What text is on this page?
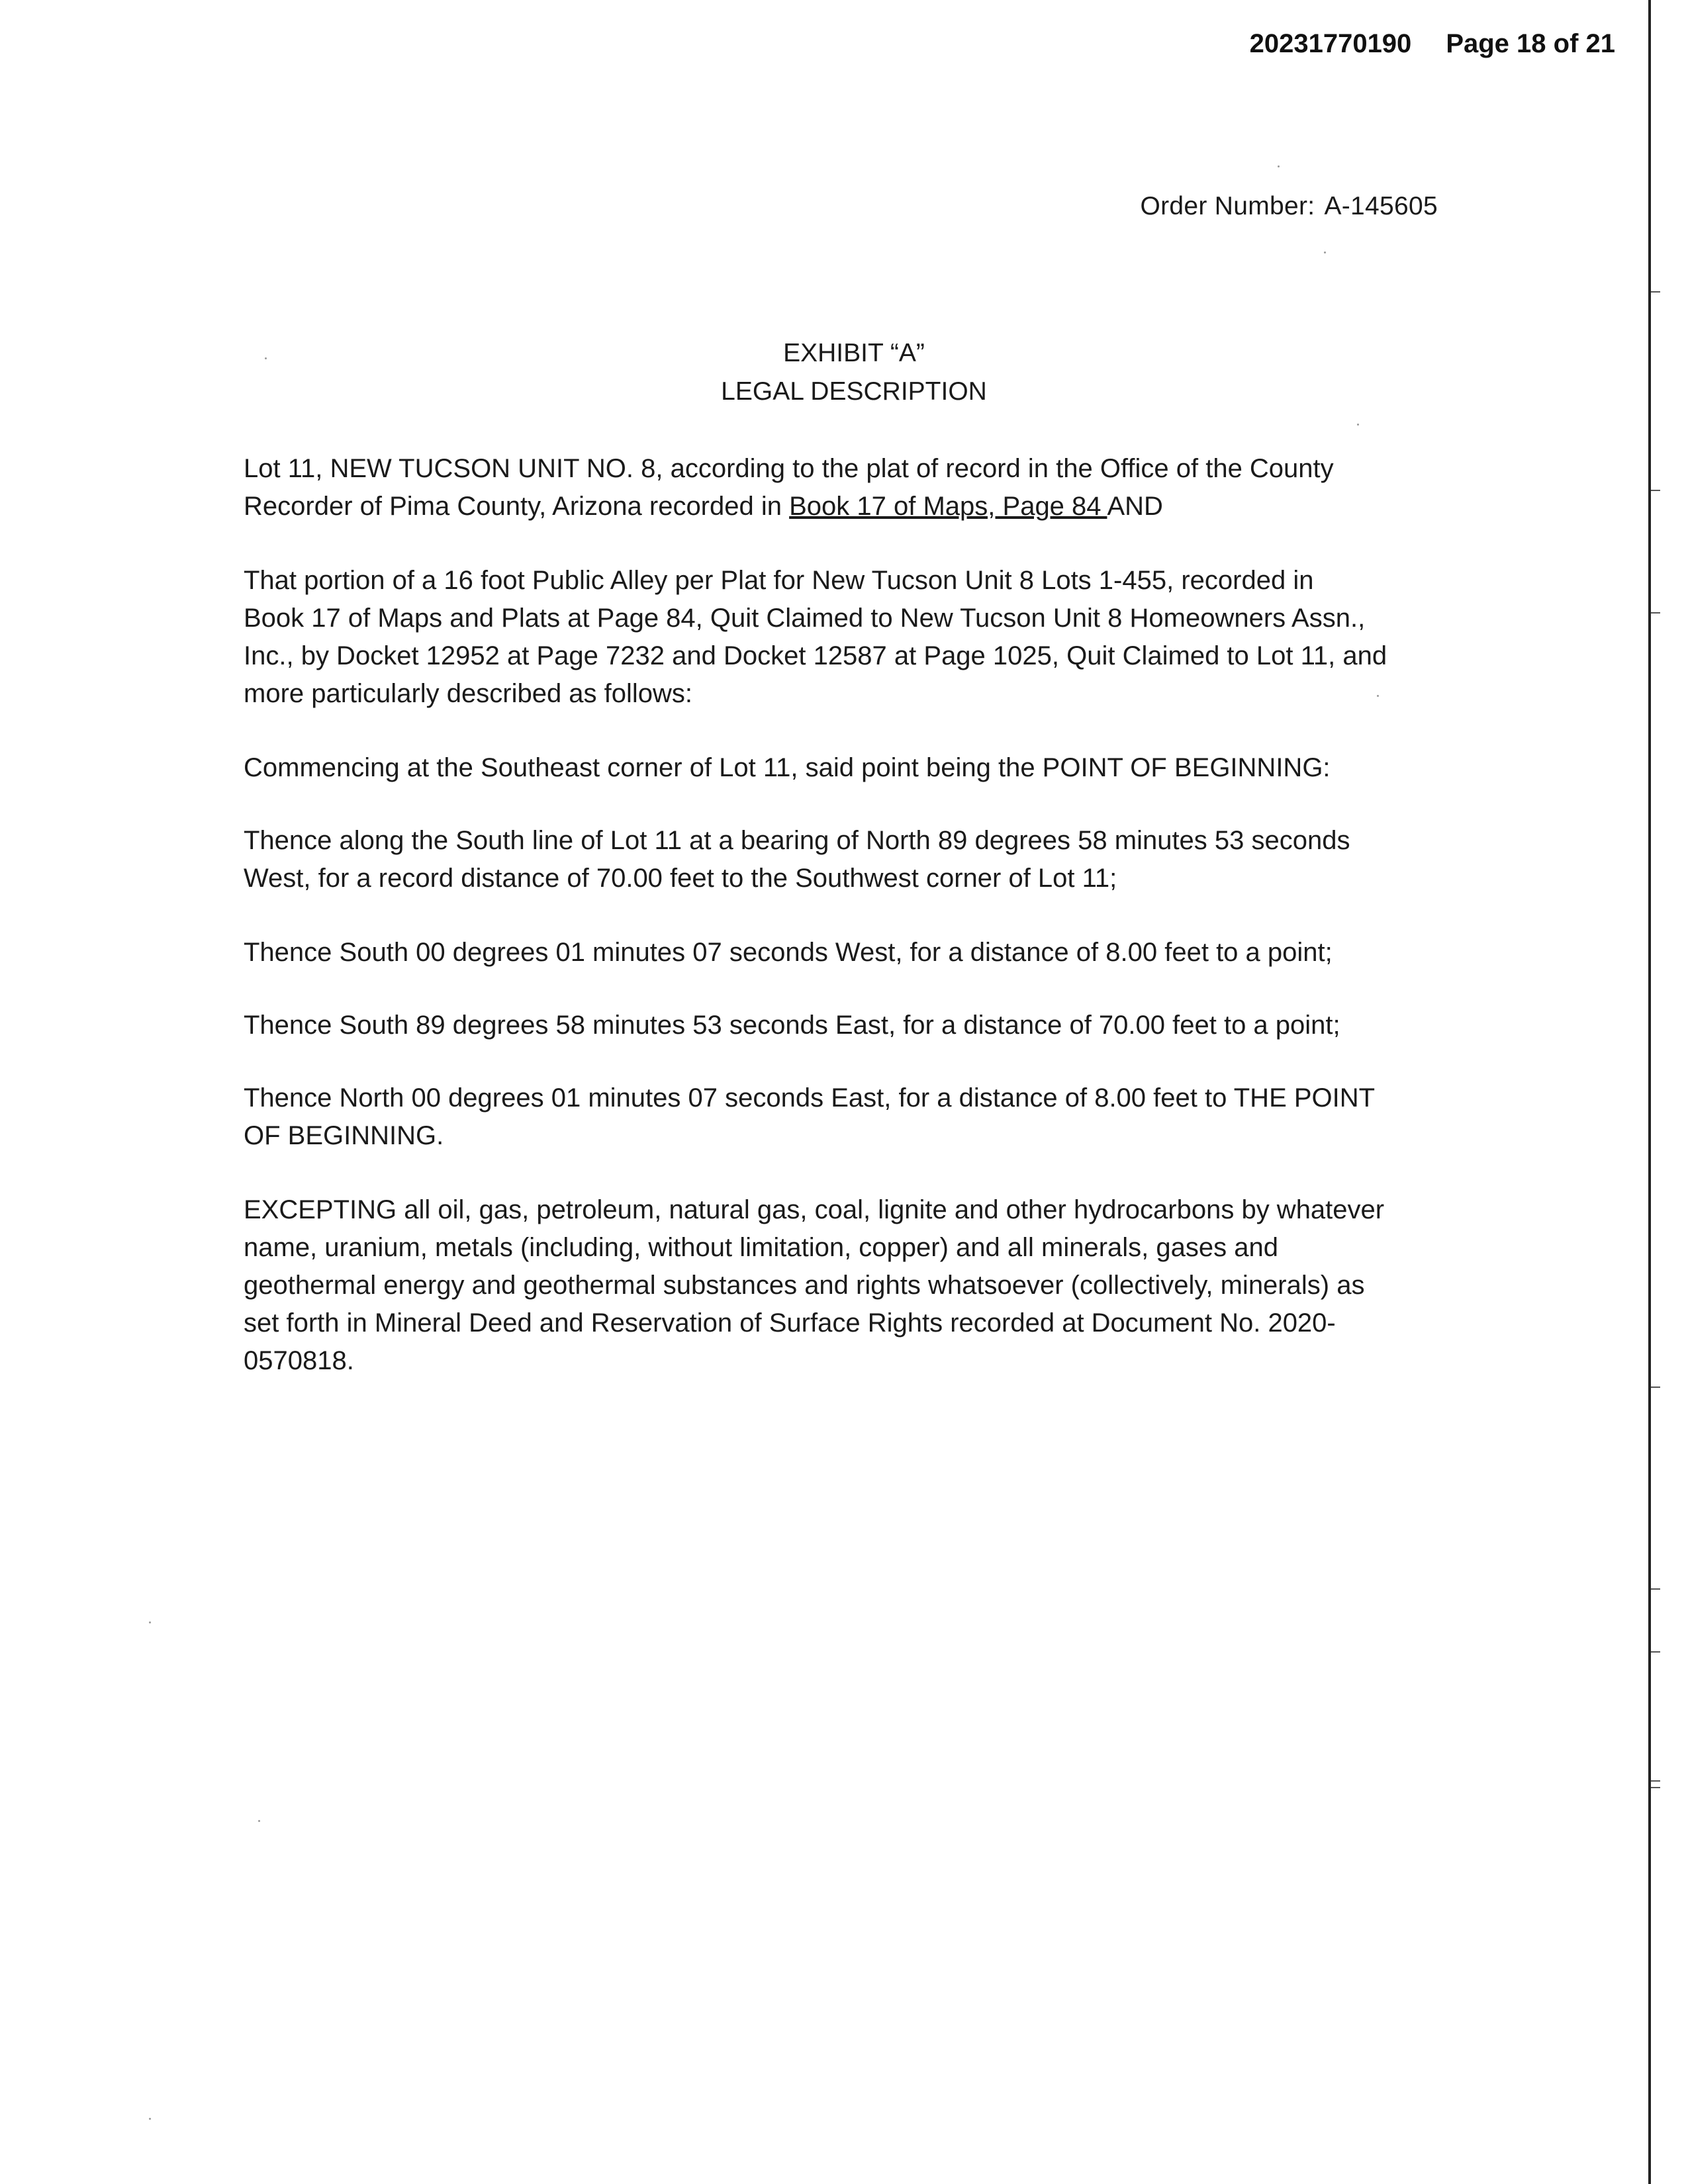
20231770190 Page 18 of 21
Order Number: A-145605
EXHIBIT “A”
LEGAL DESCRIPTION

Lot 11, NEW TUCSON UNIT NO. 8, according to the plat of record in the Office of the County
Recorder of Pima County, Arizona recorded in Book 17 of Maps, Page 84 AND

That portion of a 16 foot Public Alley per Plat for New Tucson Unit 8 Lots 1-455, recorded in
Book 17 of Maps and Plats at Page 84, Quit Claimed to New Tucson Unit 8 Homeowners Assn.,
Inc., by Docket 12952 at Page 7232 and Docket 12587 at Page 1025, Quit Claimed to Lot 11, and
more particularly described as follows:

Commencing at the Southeast corner of Lot 11, said point being the POINT OF BEGINNING:

Thence along the South line of Lot 11 at a bearing of North 89 degrees 58 minutes 53 seconds
West, for a record distance of 70.00 feet to the Southwest corner of Lot 11;

Thence South 00 degrees 01 minutes 07 seconds West, for a distance of 8.00 feet to a point;

Thence South 89 degrees 58 minutes 53 seconds East, for a distance of 70.00 feet to a point;

Thence North 00 degrees 01 minutes 07 seconds East, for a distance of 8.00 feet to THE POINT
OF BEGINNING.

EXCEPTING all oil, gas, petroleum, natural gas, coal, lignite and other hydrocarbons by whatever
name, uranium, metals (including, without limitation, copper) and all minerals, gases and
geothermal energy and geothermal substances and rights whatsoever (collectively, minerals) as
set forth in Mineral Deed and Reservation of Surface Rights recorded at Document No. 2020-
0570818.
